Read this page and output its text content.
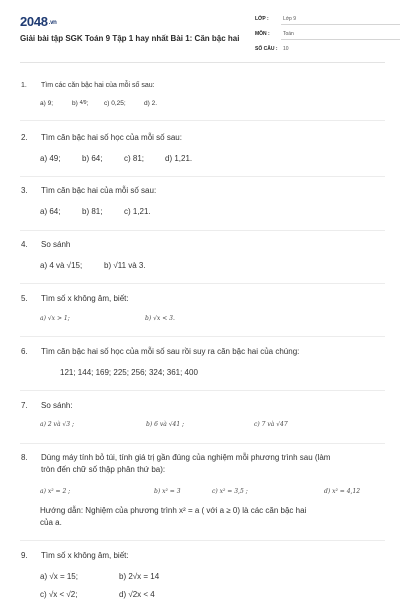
2048.vn
Giải bài tập SGK Toán 9 Tập 1 hay nhất Bài 1: Căn bậc hai
LỚP :	Lớp 9
MÔN :	Toán
SỐ CÂU : 10
1. Tìm các căn bậc hai của mỗi số sau:
a) 9;	b) 4/9; c) 0,25;	d) 2.
2. Tìm căn bậc hai số học của mỗi số sau:
a) 49;	b) 64;	c) 81;	d) 1,21.
3. Tìm căn bậc hai của mỗi số sau:
a) 64;	b) 81;	c) 1,21.
4. So sánh
a) 4 và √15;	b) √11 và 3.
5. Tìm số x không âm, biết:
a) √x > 1;	b) √x < 3.
6. Tìm căn bậc hai số học của mỗi số sau rồi suy ra căn bậc hai của chúng:
121; 144; 169; 225; 256; 324; 361; 400
7. So sánh:
a) 2 và √3 ;	b) 6 và √41 ;	c) 7 và √47
8. Dùng máy tính bỏ túi, tính giá trị gần đúng của nghiệm mỗi phương trình sau (làm
tròn đến chữ số thập phân thứ ba):
a) x² = 2 ;	b) x² = 3	c) x² = 3,5 ;	d) x² = 4,12
Hướng dẫn: Nghiệm của phương trình x² = a ( với a ≥ 0) là các căn bậc hai
của a.
9. Tìm số x không âm, biết:
a) √x = 15;	b) 2√x = 14
c) √x < √2;	d) √2x < 4
